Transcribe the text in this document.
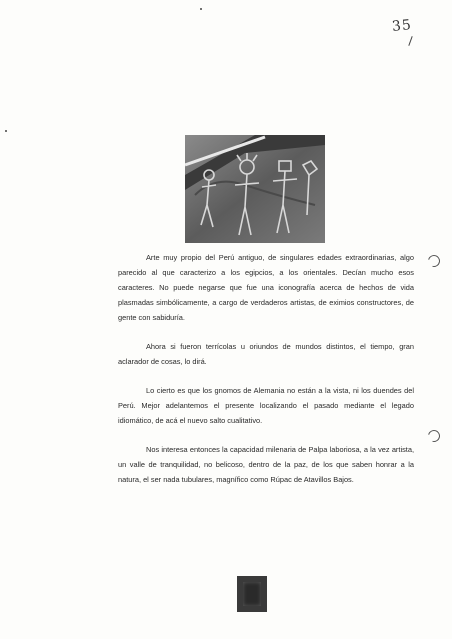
35

Arte muy propio del Perú antiguo, de singulares edades extraordinarias, algo parecido al que caracterizo a los egipcios, a los orientales. Decían mucho esos caracteres. No puede negarse que fue una iconografía acerca de hechos de vida plasmadas simbólicamente, a cargo de verdaderos artistas, de eximios constructores, de gente con sabiduría.

Ahora si fueron terrícolas u oriundos de mundos distintos, el tiempo, gran aclarador de cosas, lo dirá.

Lo cierto es que los gnomos de Alemania no están a la vista, ni los duendes del Perú. Mejor adelantemos el presente localizando el pasado mediante el legado idiomático, de acá el nuevo salto cualitativo.

Nos interesa entonces la capacidad milenaria de Palpa laboriosa, a la vez artista, un valle de tranquilidad, no belicoso, dentro de la paz, de los que saben honrar a la natura, el ser nada tubulares, magnífico como Rúpac de Atavillos Bajos.
